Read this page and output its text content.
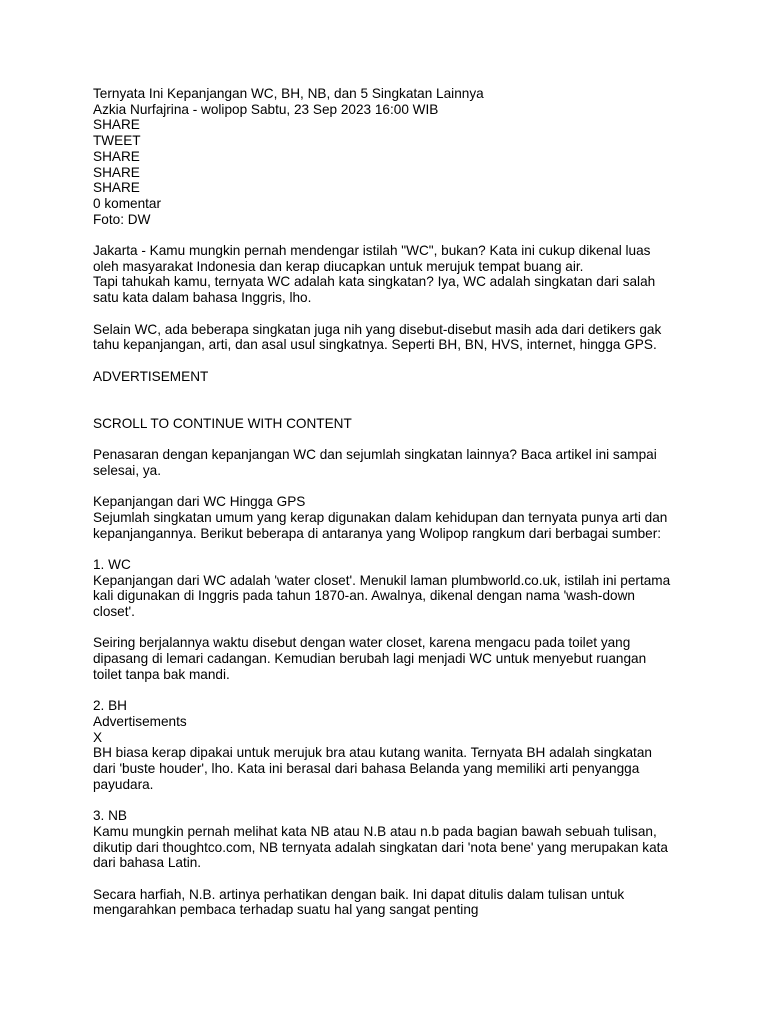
Ternyata Ini Kepanjangan WC, BH, NB, dan 5 Singkatan Lainnya
Azkia Nurfajrina - wolipop Sabtu, 23 Sep 2023 16:00 WIB
SHARE
TWEET
SHARE
SHARE
SHARE
0 komentar
Foto: DW
Jakarta - Kamu mungkin pernah mendengar istilah "WC", bukan? Kata ini cukup dikenal luas
oleh masyarakat Indonesia dan kerap diucapkan untuk merujuk tempat buang air.
Tapi tahukah kamu, ternyata WC adalah kata singkatan? Iya, WC adalah singkatan dari salah
satu kata dalam bahasa Inggris, lho.
Selain WC, ada beberapa singkatan juga nih yang disebut-disebut masih ada dari detikers gak
tahu kepanjangan, arti, dan asal usul singkatnya. Seperti BH, BN, HVS, internet, hingga GPS.
ADVERTISEMENT
SCROLL TO CONTINUE WITH CONTENT
Penasaran dengan kepanjangan WC dan sejumlah singkatan lainnya? Baca artikel ini sampai
selesai, ya.
Kepanjangan dari WC Hingga GPS
Sejumlah singkatan umum yang kerap digunakan dalam kehidupan dan ternyata punya arti dan
kepanjangannya. Berikut beberapa di antaranya yang Wolipop rangkum dari berbagai sumber:
1. WC
Kepanjangan dari WC adalah 'water closet'. Menukil laman plumbworld.co.uk, istilah ini pertama
kali digunakan di Inggris pada tahun 1870-an. Awalnya, dikenal dengan nama 'wash-down
closet'.
Seiring berjalannya waktu disebut dengan water closet, karena mengacu pada toilet yang
dipasang di lemari cadangan. Kemudian berubah lagi menjadi WC untuk menyebut ruangan
toilet tanpa bak mandi.
2. BH
Advertisements
X
BH biasa kerap dipakai untuk merujuk bra atau kutang wanita. Ternyata BH adalah singkatan
dari 'buste houder', lho. Kata ini berasal dari bahasa Belanda yang memiliki arti penyangga
payudara.
3. NB
Kamu mungkin pernah melihat kata NB atau N.B atau n.b pada bagian bawah sebuah tulisan,
dikutip dari thoughtco.com, NB ternyata adalah singkatan dari 'nota bene' yang merupakan kata
dari bahasa Latin.
Secara harfiah, N.B. artinya perhatikan dengan baik. Ini dapat ditulis dalam tulisan untuk
mengarahkan pembaca terhadap suatu hal yang sangat penting
